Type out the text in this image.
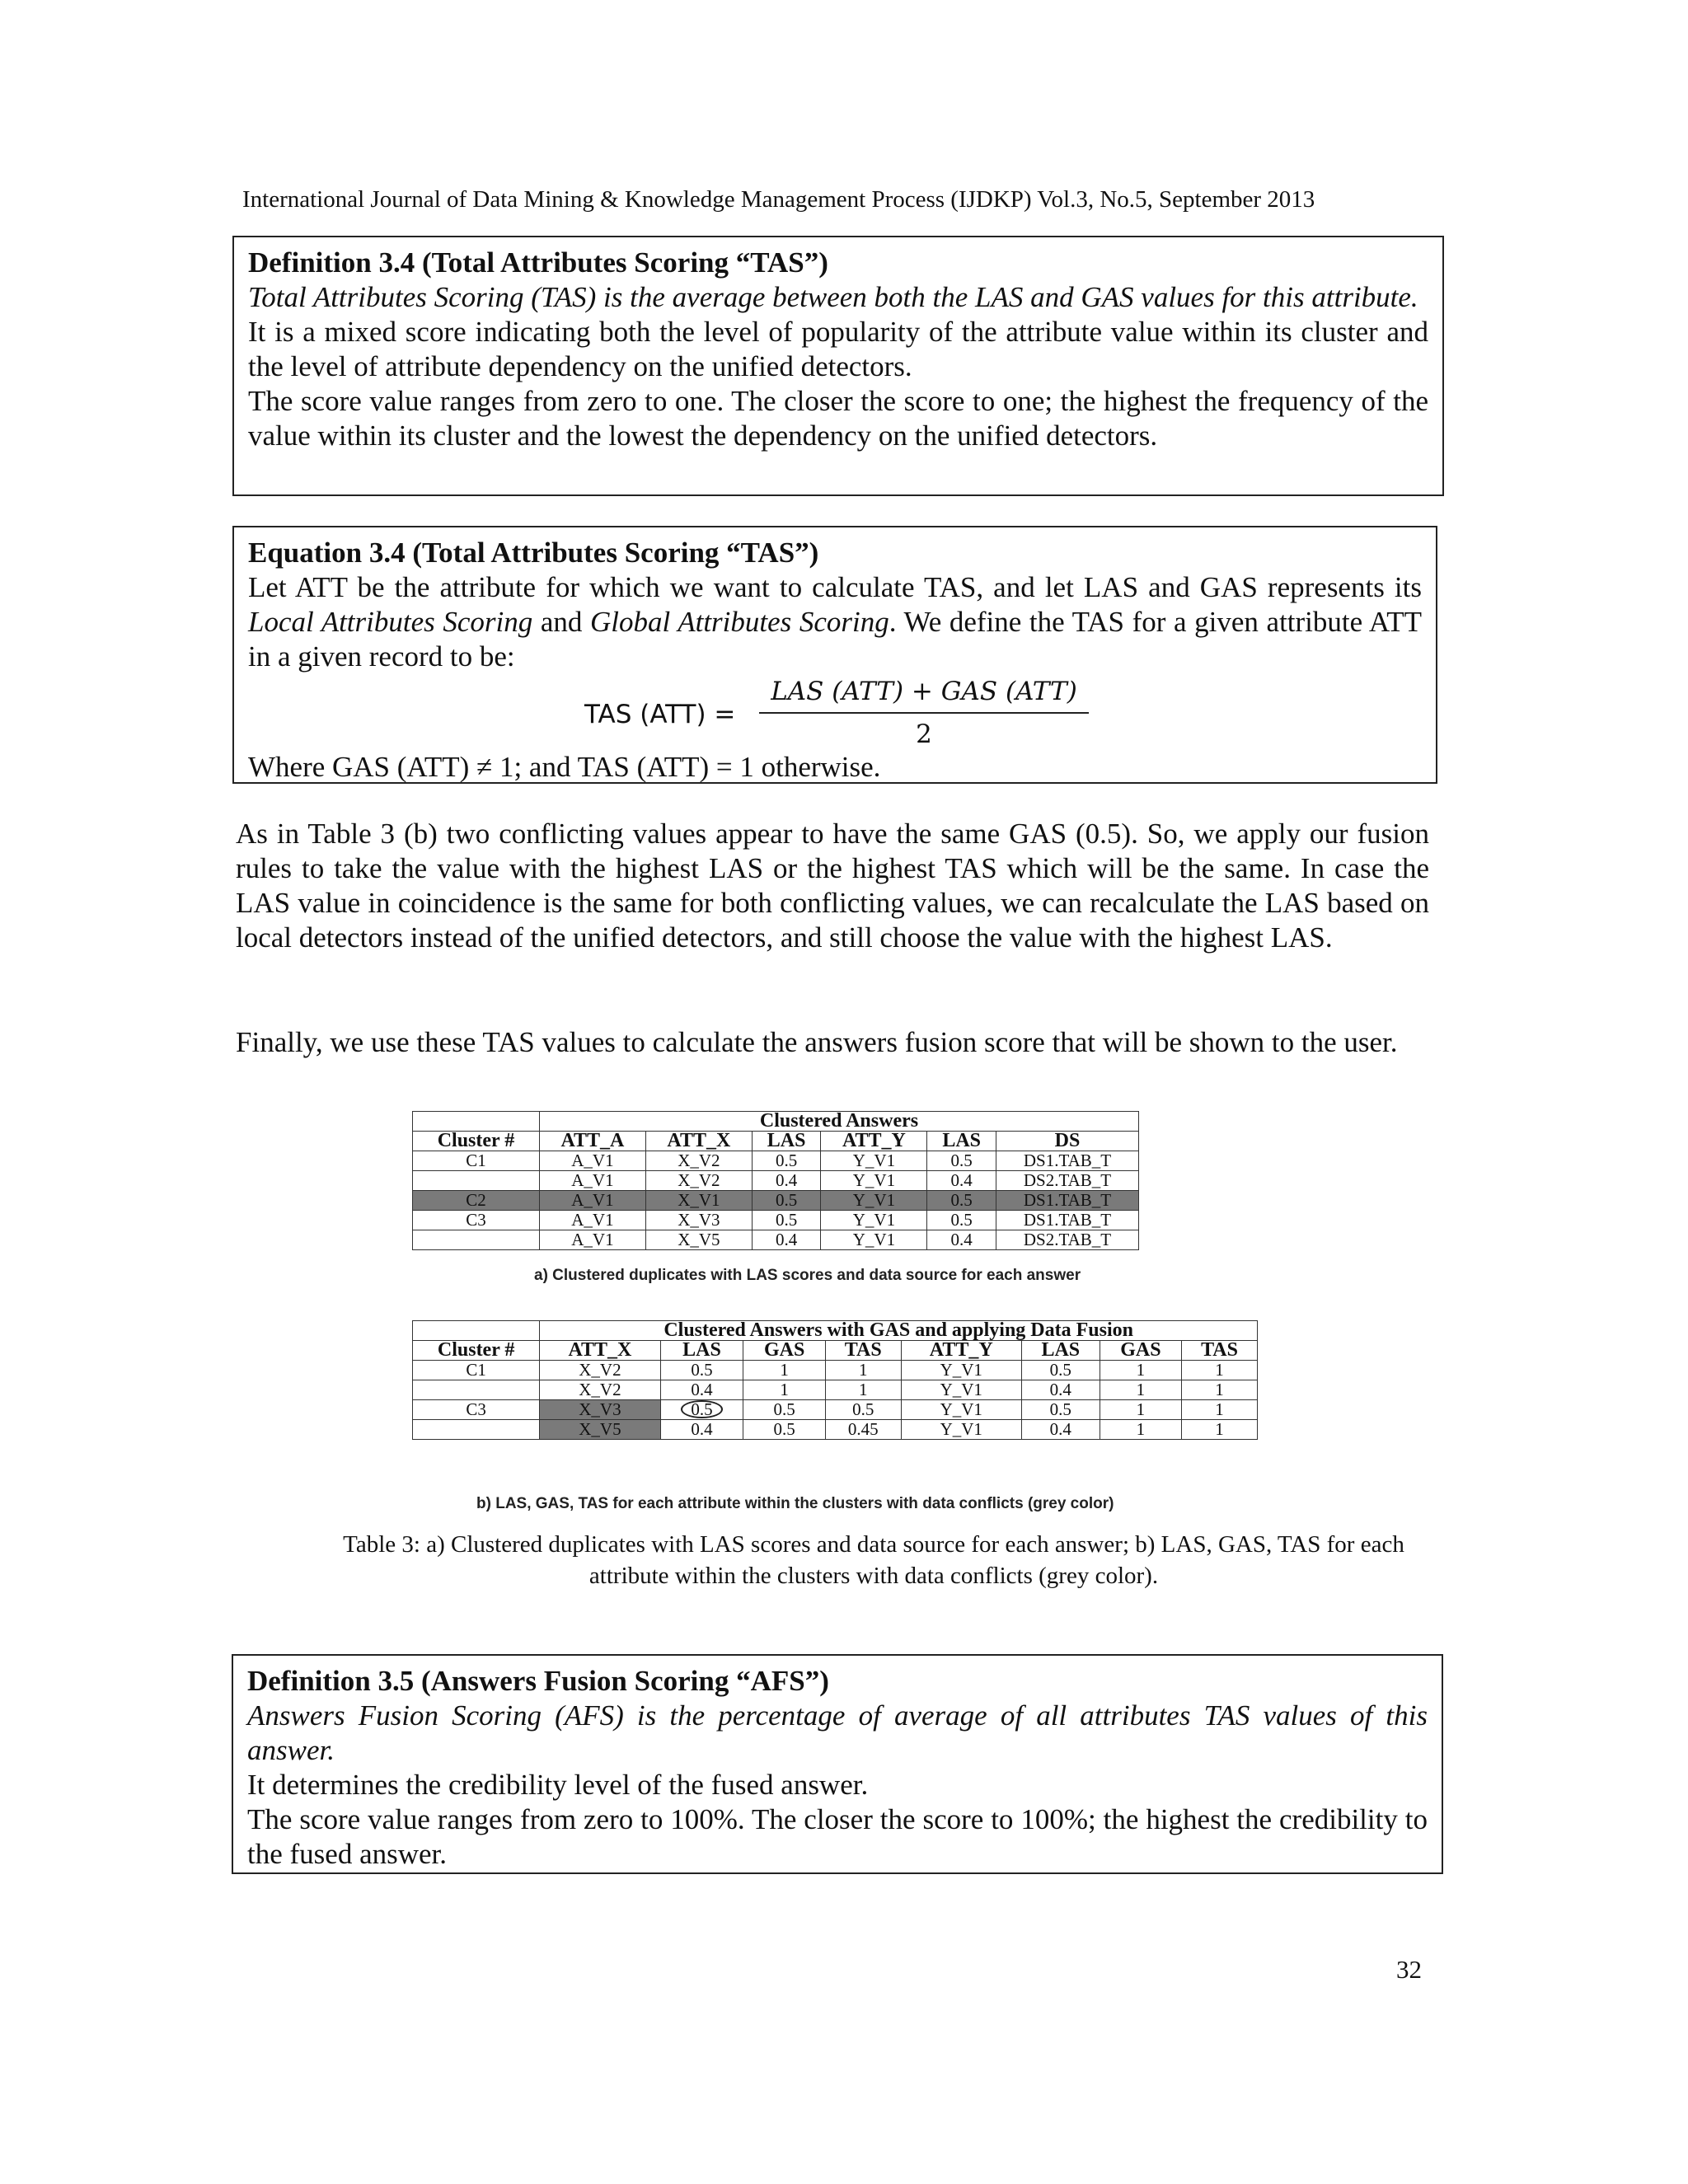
International Journal of Data Mining & Knowledge Management Process (IJDKP) Vol.3, No.5, September 2013

Definition 3.4 (Total Attributes Scoring “TAS”)

Total Attributes Scoring (TAS) is the average between both the LAS and GAS values for this attribute.

It is a mixed score indicating both the level of popularity of the attribute value within its cluster and the level of attribute dependency on the unified detectors.

The score value ranges from zero to one. The closer the score to one; the highest the frequency of the value within its cluster and the lowest the dependency on the unified detectors.

Equation 3.4 (Total Attributes Scoring “TAS”)

Let ATT be the attribute for which we want to calculate TAS, and let LAS and GAS represents its Local Attributes Scoring and Global Attributes Scoring. We define the TAS for a given attribute ATT in a given record to be:

TAS (ATT) =
LAS (ATT) + GAS (ATT)
2

Where GAS (ATT) ≠ 1; and TAS (ATT) = 1 otherwise.

As in Table 3 (b) two conflicting values appear to have the same GAS (0.5). So, we apply our fusion rules to take the value with the highest LAS or the highest TAS which will be the same. In case the LAS value in coincidence is the same for both conflicting values, we can recalculate the LAS based on local detectors instead of the unified detectors, and still choose the value with the highest LAS.

Finally, we use these TAS values to calculate the answers fusion score that will be shown to the user.

	Clustered Answers					
Cluster #	ATT_A	ATT_X	LAS	ATT_Y	LAS	DS
C1	A_V1	X_V2	0.5	Y_V1	0.5	DS1.TAB_T
	A_V1	X_V2	0.4	Y_V1	0.4	DS2.TAB_T
C2	A_V1	X_V1	0.5	Y_V1	0.5	DS1.TAB_T
C3	A_V1	X_V3	0.5	Y_V1	0.5	DS1.TAB_T
	A_V1	X_V5	0.4	Y_V1	0.4	DS2.TAB_T
a) Clustered duplicates with LAS scores and data source for each answer
	Clustered Answers with GAS and applying Data Fusion							
Cluster #	ATT_X	LAS	GAS	TAS	ATT_Y	LAS	GAS	TAS
C1	X_V2	0.5	1	1	Y_V1	0.5	1	1
	X_V2	0.4	1	1	Y_V1	0.4	1	1
C3	X_V3	0.5	0.5	0.5	Y_V1	0.5	1	1
	X_V5	0.4	0.5	0.45	Y_V1	0.4	1	1
b) LAS, GAS, TAS for each attribute within the clusters with data conflicts (grey color)
Table 3: a) Clustered duplicates with LAS scores and data source for each answer; b) LAS, GAS, TAS for each attribute within the clusters with data conflicts (grey color).

Definition 3.5 (Answers Fusion Scoring “AFS”)

Answers Fusion Scoring (AFS) is the percentage of average of all attributes TAS values of this answer.

It determines the credibility level of the fused answer.

The score value ranges from zero to 100%. The closer the score to 100%; the highest the credibility to the fused answer.

32
